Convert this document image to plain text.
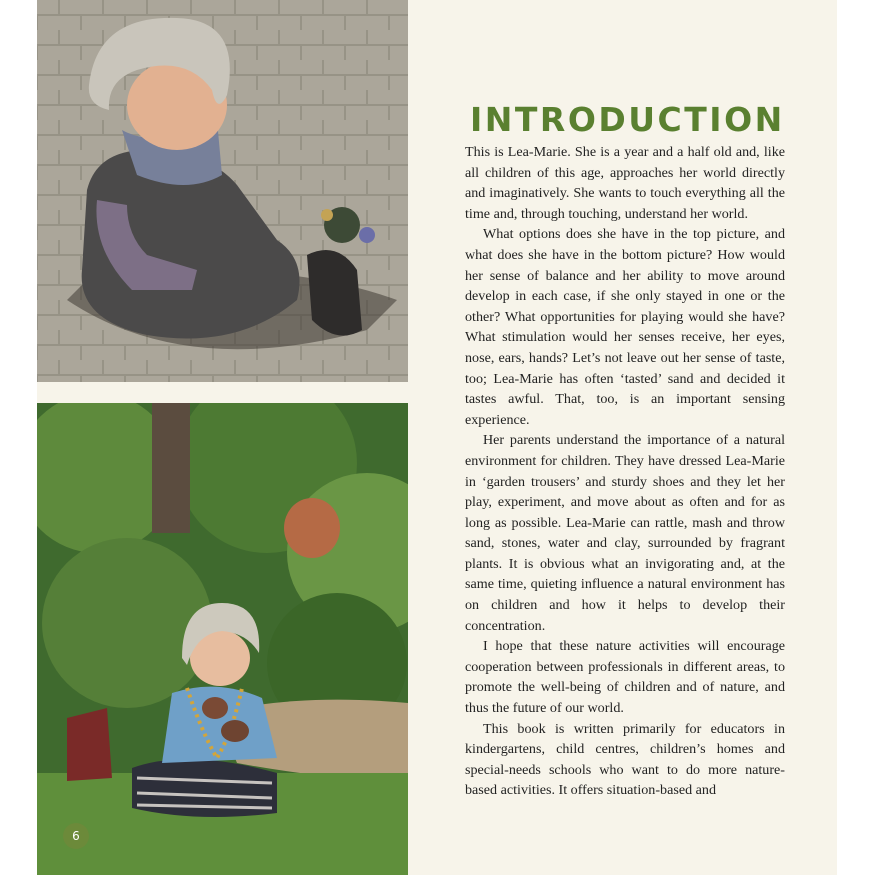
6
INTRODUCTION

This is Lea-Marie. She is a year and a half old and, like all children of this age, approaches her world directly and imaginatively. She wants to touch everything all the time and, through touching, understand her world.

What options does she have in the top picture, and what does she have in the bottom picture? How would her sense of balance and her ability to move around develop in each case, if she only stayed in one or the other? What opportunities for playing would she have? What stimulation would her senses receive, her eyes, nose, ears, hands? Let’s not leave out her sense of taste, too; Lea-Marie has often ‘tasted’ sand and decided it tastes awful. That, too, is an important sensing experience.

Her parents understand the importance of a natural environment for children. They have dressed Lea-Marie in ‘garden trousers’ and sturdy shoes and they let her play, experiment, and move about as often and for as long as possible. Lea-Marie can rattle, mash and throw sand, stones, water and clay, surrounded by fragrant plants. It is obvious what an invigorating and, at the same time, quieting influence a natural environment has on children and how it helps to develop their concentration.

I hope that these nature activities will encourage cooperation between professionals in different areas, to promote the well-being of children and of nature, and thus the future of our world.

This book is written primarily for educators in kindergartens, child centres, children’s homes and special-needs schools who want to do more nature-based activities. It offers situation-based and
